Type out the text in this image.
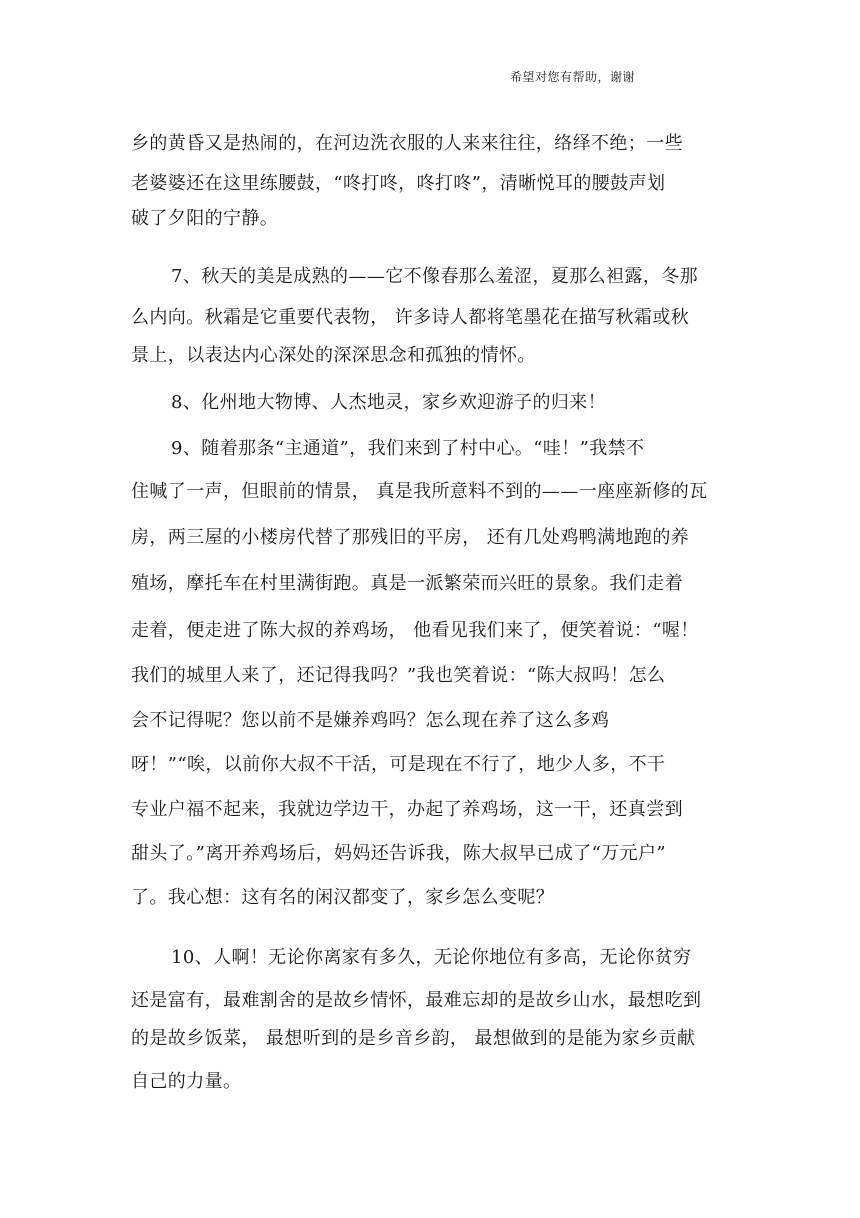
希望对您有帮助，谢谢
乡的黄昏又是热闹的，在河边洗衣服的人来来往往，络绎不绝；一些
老婆婆还在这里练腰鼓，“咚打咚，咚打咚”，清晰悦耳的腰鼓声划
破了夕阳的宁静。
7、秋天的美是成熟的——它不像春那么羞涩，夏那么袒露，冬那
么内向。秋霜是它重要代表物， 许多诗人都将笔墨花在描写秋霜或秋
景上，以表达内心深处的深深思念和孤独的情怀。
8、化州地大物博、人杰地灵，家乡欢迎游子的归来！
9、随着那条“主通道”，我们来到了村中心。“哇！”我禁不
住喊了一声，但眼前的情景， 真是我所意料不到的——一座座新修的瓦
房，两三屋的小楼房代替了那残旧的平房， 还有几处鸡鸭满地跑的养
殖场，摩托车在村里满街跑。真是一派繁荣而兴旺的景象。我们走着
走着，便走进了陈大叔的养鸡场， 他看见我们来了，便笑着说：“喔！
我们的城里人来了，还记得我吗？”我也笑着说：“陈大叔吗！怎么
会不记得呢？您以前不是嫌养鸡吗？怎么现在养了这么多鸡
呀！”“唉，以前你大叔不干活，可是现在不行了，地少人多，不干
专业户福不起来，我就边学边干，办起了养鸡场，这一干，还真尝到
甜头了。”离开养鸡场后，妈妈还告诉我，陈大叔早已成了“万元户”
了。我心想：这有名的闲汉都变了，家乡怎么变呢？
10、人啊！无论你离家有多久，无论你地位有多高，无论你贫穷
还是富有，最难割舍的是故乡情怀，最难忘却的是故乡山水，最想吃到
的是故乡饭菜， 最想听到的是乡音乡韵， 最想做到的是能为家乡贡献
自己的力量。
